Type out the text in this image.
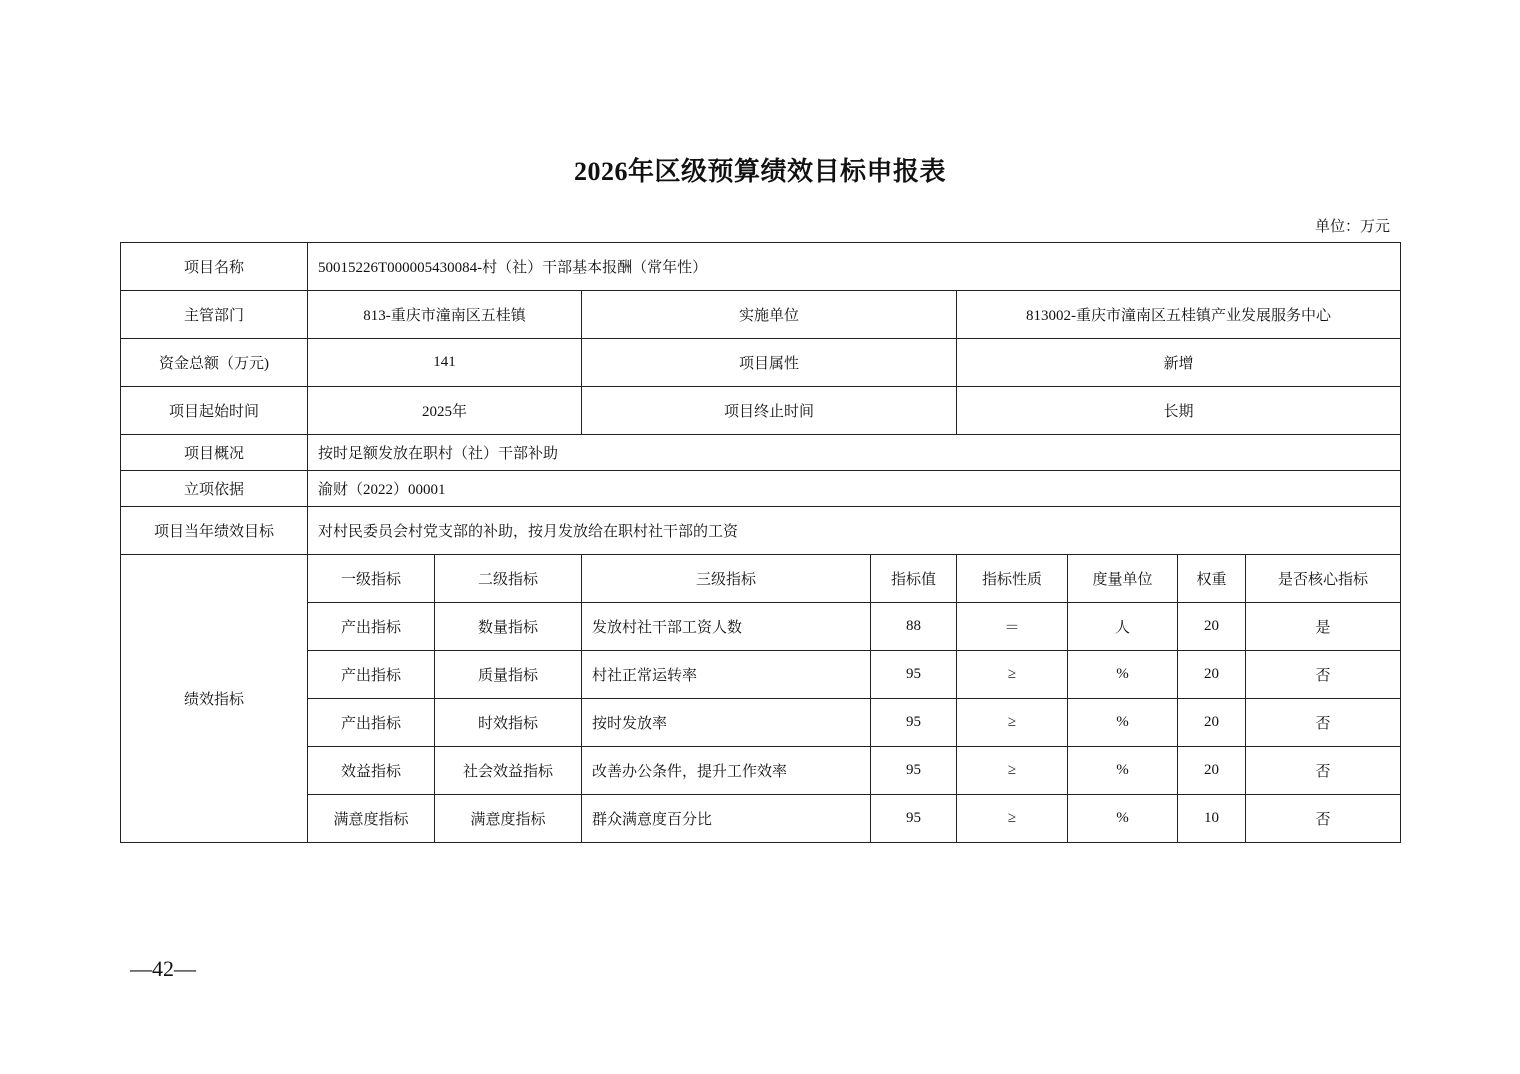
2026年区级预算绩效目标申报表
单位：万元
项目名称	50015226T000005430084-村（社）干部基本报酬（常年性）							
主管部门	813-重庆市潼南区五桂镇		实施单位		813002-重庆市潼南区五桂镇产业发展服务中心			
资金总额（万元)	141		项目属性		新增			
项目起始时间	2025年		项目终止时间		长期			
项目概况	按时足额发放在职村（社）干部补助							
立项依据	渝财（2022）00001							
项目当年绩效目标	对村民委员会村党支部的补助，按月发放给在职村社干部的工资							
绩效指标	一级指标	二级指标	三级指标	指标值	指标性质	度量单位	权重	是否核心指标
	产出指标	数量指标	发放村社干部工资人数	88	＝	人	20	是
	产出指标	质量指标	村社正常运转率	95	≥	%	20	否
	产出指标	时效指标	按时发放率	95	≥	%	20	否
	效益指标	社会效益指标	改善办公条件，提升工作效率	95	≥	%	20	否
	满意度指标	满意度指标	群众满意度百分比	95	≥	%	10	否
—42—
